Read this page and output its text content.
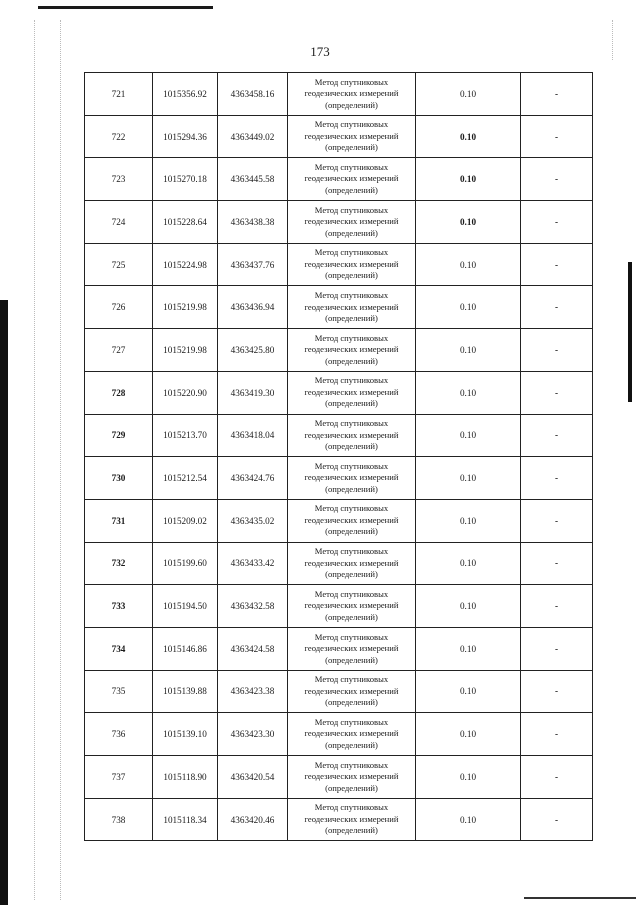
173
721	1015356.92	4363458.16	Метод спутниковых
геодезических измерений
(определений)	0.10	-
722	1015294.36	4363449.02	Метод спутниковых
геодезических измерений
(определений)	0.10	-
723	1015270.18	4363445.58	Метод спутниковых
геодезических измерений
(определений)	0.10	-
724	1015228.64	4363438.38	Метод спутниковых
геодезических измерений
(определений)	0.10	-
725	1015224.98	4363437.76	Метод спутниковых
геодезических измерений
(определений)	0.10	-
726	1015219.98	4363436.94	Метод спутниковых
геодезических измерений
(определений)	0.10	-
727	1015219.98	4363425.80	Метод спутниковых
геодезических измерений
(определений)	0.10	-
728	1015220.90	4363419.30	Метод спутниковых
геодезических измерений
(определений)	0.10	-
729	1015213.70	4363418.04	Метод спутниковых
геодезических измерений
(определений)	0.10	-
730	1015212.54	4363424.76	Метод спутниковых
геодезических измерений
(определений)	0.10	-
731	1015209.02	4363435.02	Метод спутниковых
геодезических измерений
(определений)	0.10	-
732	1015199.60	4363433.42	Метод спутниковых
геодезических измерений
(определений)	0.10	-
733	1015194.50	4363432.58	Метод спутниковых
геодезических измерений
(определений)	0.10	-
734	1015146.86	4363424.58	Метод спутниковых
геодезических измерений
(определений)	0.10	-
735	1015139.88	4363423.38	Метод спутниковых
геодезических измерений
(определений)	0.10	-
736	1015139.10	4363423.30	Метод спутниковых
геодезических измерений
(определений)	0.10	-
737	1015118.90	4363420.54	Метод спутниковых
геодезических измерений
(определений)	0.10	-
738	1015118.34	4363420.46	Метод спутниковых
геодезических измерений
(определений)	0.10	-
